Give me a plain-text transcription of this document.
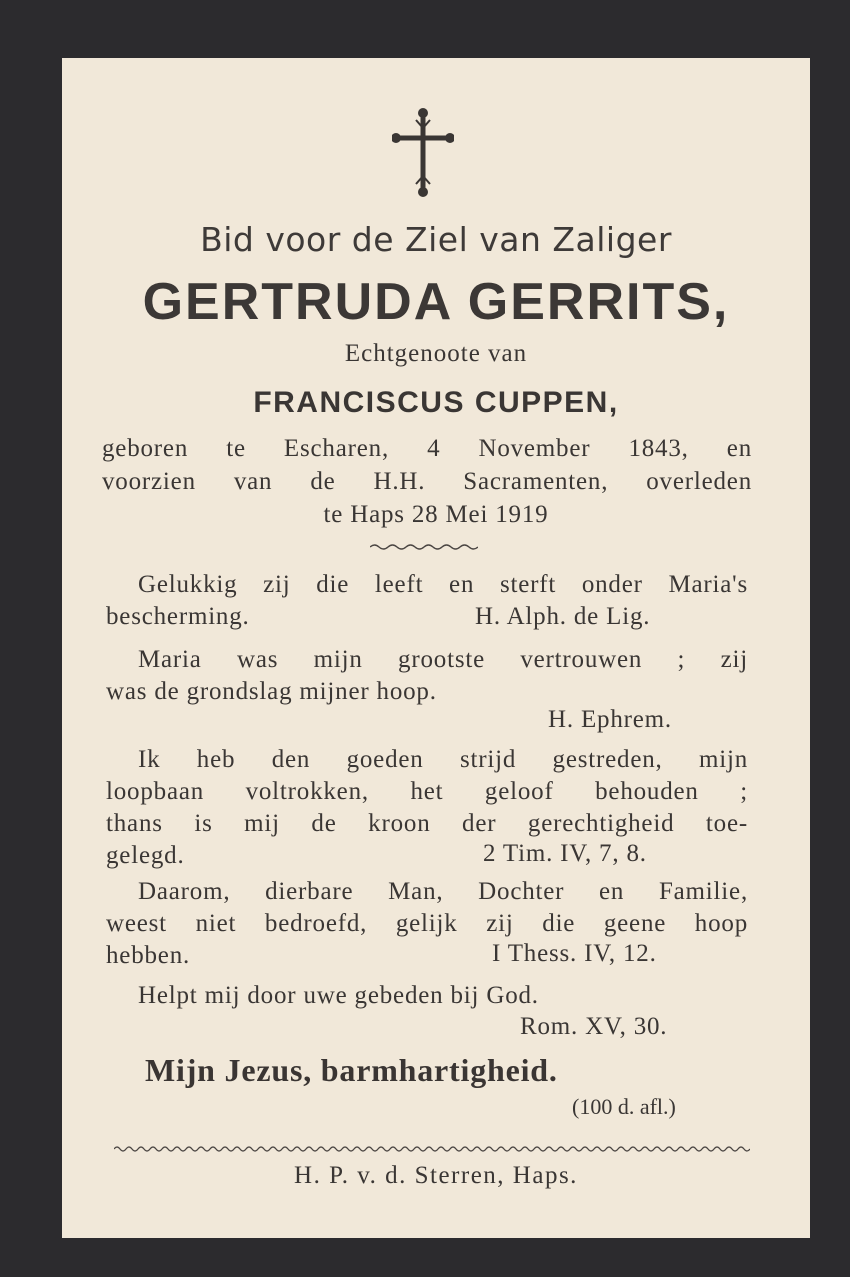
Bid voor de Ziel van Zaliger
GERTRUDA GERRITS,
Echtgenoote van
FRANCISCUS CUPPEN,
geboren te Escharen, 4 November 1843, en
voorzien van de H.H. Sacramenten, overleden
te Haps 28 Mei 1919
Gelukkig zij die leeft en sterft onder Maria's
bescherming.	H. Alph. de Lig.
Maria was mijn grootste vertrouwen ; zij
was de grondslag mijner hoop.
H. Ephrem.
Ik heb den goeden strijd gestreden, mijn
loopbaan voltrokken, het geloof behouden ;
thans is mij de kroon der gerechtigheid toe-
gelegd.	2 Tim. IV, 7, 8.
Daarom, dierbare Man, Dochter en Familie,
weest niet bedroefd, gelijk zij die geene hoop
hebben.	I Thess. IV, 12.
Helpt mij door uwe gebeden bij God.
Rom. XV, 30.
Mijn Jezus, barmhartigheid.
(100 d. afl.)
H. P. v. d. Sterren, Haps.
